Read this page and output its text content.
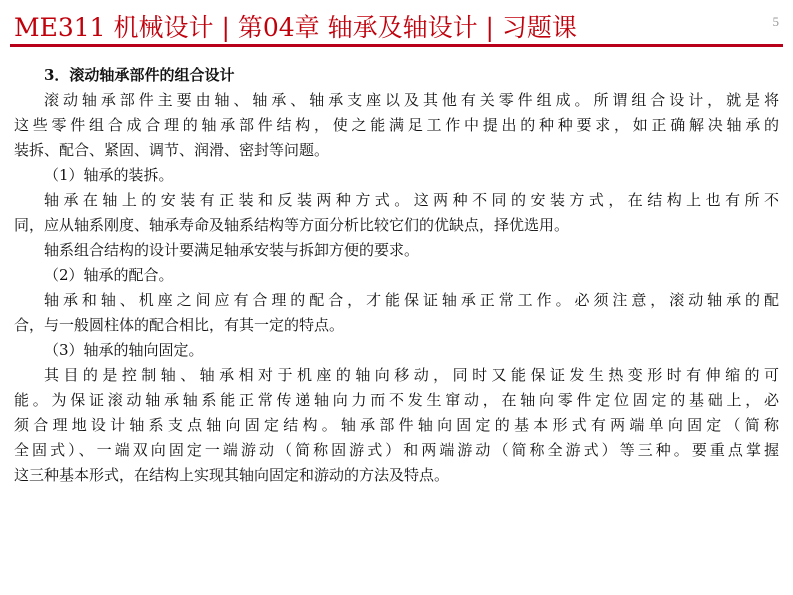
ME311 机械设计 | 第04章 轴承及轴设计 | 习题课	5
3．滚动轴承部件的组合设计
滚动轴承部件主要由轴、轴承、轴承支座以及其他有关零件组成。所谓组合设计，就是将
这些零件组合成合理的轴承部件结构，使之能满足工作中提出的种种要求，如正确解决轴承的
装拆、配合、紧固、调节、润滑、密封等问题。
（1）轴承的装拆。
轴承在轴上的安装有正装和反装两种方式。这两种不同的安装方式，在结构上也有所不
同，应从轴系刚度、轴承寿命及轴系结构等方面分析比较它们的优缺点，择优选用。
轴系组合结构的设计要满足轴承安装与拆卸方便的要求。
（2）轴承的配合。
轴承和轴、机座之间应有合理的配合，才能保证轴承正常工作。必须注意，滚动轴承的配
合，与一般圆柱体的配合相比，有其一定的特点。
（3）轴承的轴向固定。
其目的是控制轴、轴承相对于机座的轴向移动，同时又能保证发生热变形时有伸缩的可
能。为保证滚动轴承轴系能正常传递轴向力而不发生窜动，在轴向零件定位固定的基础上，必
须合理地设计轴系支点轴向固定结构。轴承部件轴向固定的基本形式有两端单向固定（简称
全固式）、一端双向固定一端游动（简称固游式）和两端游动（简称全游式）等三种。要重点掌握
这三种基本形式，在结构上实现其轴向固定和游动的方法及特点。
